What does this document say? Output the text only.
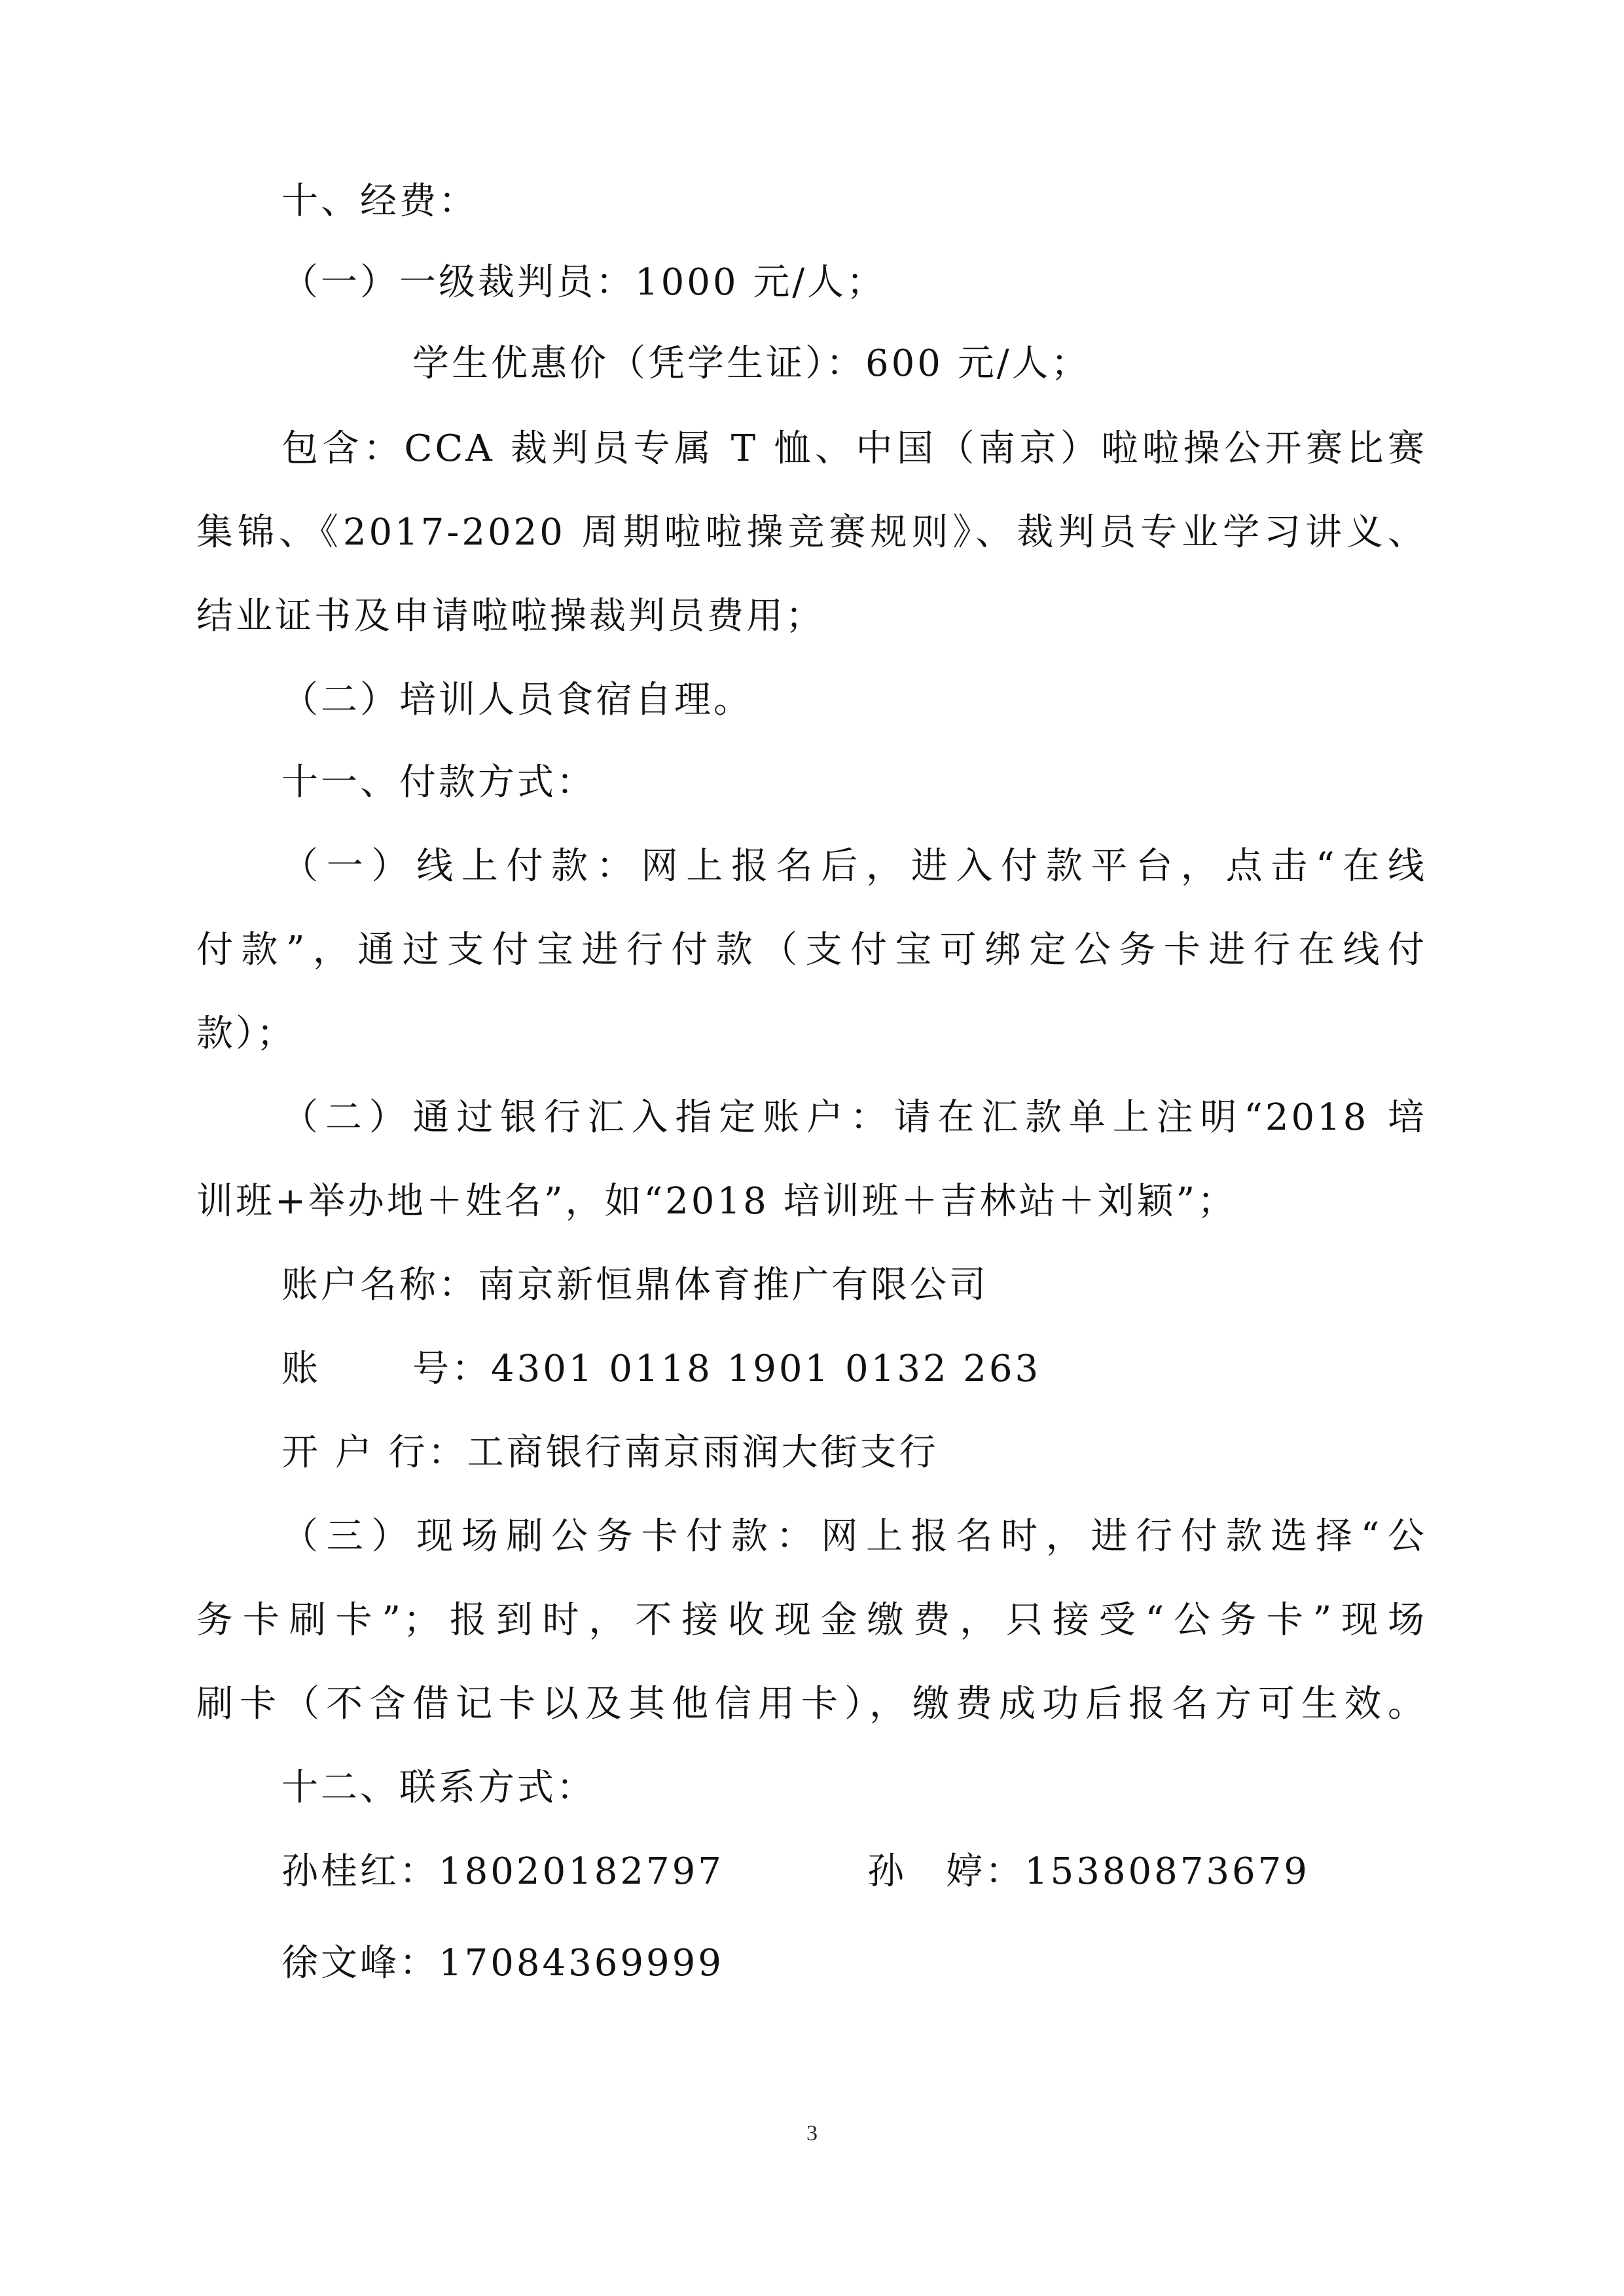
十、经费：
（一）一级裁判员：1000 元/人；
学生优惠价（凭学生证）：600 元/人；
包含：CCA 裁判员专属 T 恤、中国（南京）啦啦操公开赛比赛
集锦、《2017-2020 周期啦啦操竞赛规则》、裁判员专业学习讲义、
结业证书及申请啦啦操裁判员费用；
（二）培训人员食宿自理。
十一、付款方式：
（一）线上付款：网上报名后，进入付款平台，点击“在线
付款”，通过支付宝进行付款（支付宝可绑定公务卡进行在线付
款）；
（二）通过银行汇入指定账户：请在汇款单上注明“2018 培
训班+举办地＋姓名”，如“2018 培训班＋吉林站＋刘颖”；
账户名称：南京新恒鼎体育推广有限公司
账	号：4301 0118 1901 0132 263
开 户 行：工商银行南京雨润大街支行
（三）现场刷公务卡付款：网上报名时，进行付款选择“公
务卡刷卡”；报到时，不接收现金缴费，只接受“公务卡”现场
刷卡（不含借记卡以及其他信用卡），缴费成功后报名方可生效。
十二、联系方式：
孙桂红：18020182797	孙　婷：15380873679
徐文峰：17084369999
3
